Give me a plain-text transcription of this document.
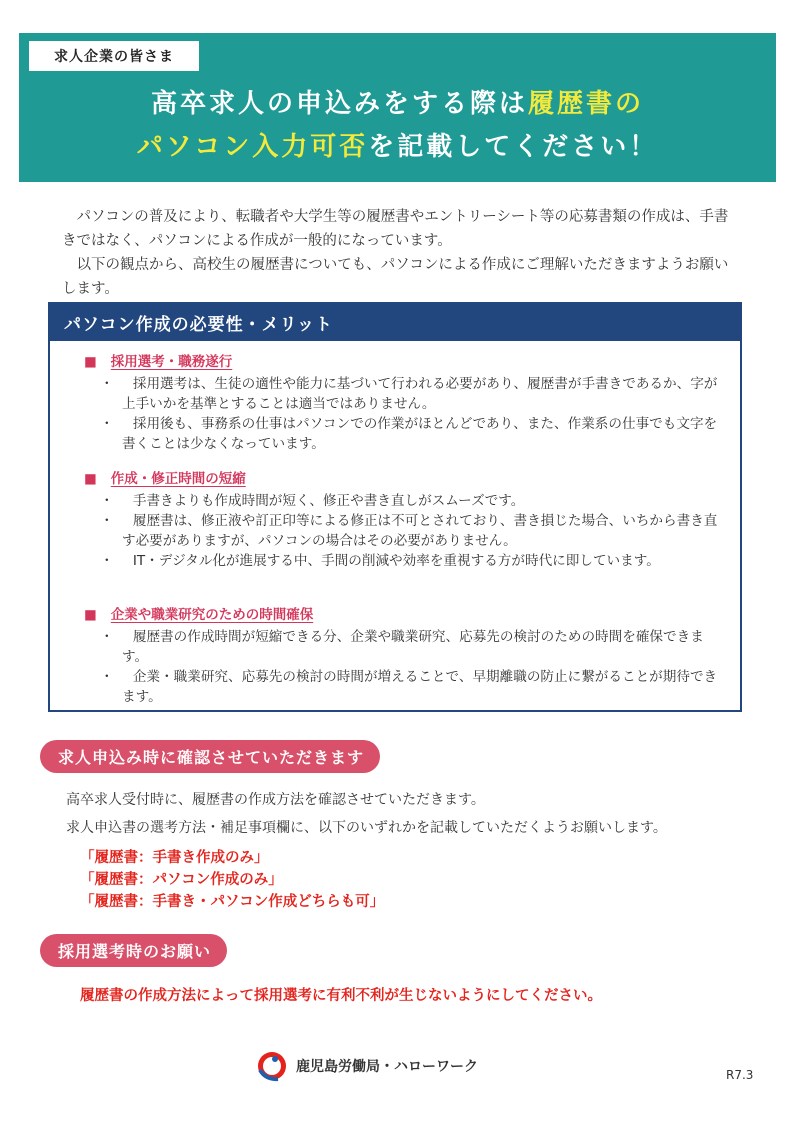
求人企業の皆さま
高卒求人の申込みをする際は履歴書の
パソコン入力可否を記載してください！

パソコンの普及により、転職者や大学生等の履歴書やエントリーシート等の応募書類の作成は、手書きではなく、パソコンによる作成が一般的になっています。

以下の観点から、高校生の履歴書についても、パソコンによる作成にご理解いただきますようお願いします。

パソコン作成の必要性・メリット
■ 採用選考・職務遂行
・	採用選考は、生徒の適性や能力に基づいて行われる必要があり、履歴書が手書きであるか、字が上手いかを基準とすることは適当ではありません。
・	採用後も、事務系の仕事はパソコンでの作業がほとんどであり、また、作業系の仕事でも文字を書くことは少なくなっています。
■ 作成・修正時間の短縮
・	手書きよりも作成時間が短く、修正や書き直しがスムーズです。
・	履歴書は、修正液や訂正印等による修正は不可とされており、書き損じた場合、いちから書き直す必要がありますが、パソコンの場合はその必要がありません。
・	IT・デジタル化が進展する中、手間の削減や効率を重視する方が時代に即しています。
■ 企業や職業研究のための時間確保
・	履歴書の作成時間が短縮できる分、企業や職業研究、応募先の検討のための時間を確保できます。
・	企業・職業研究、応募先の検討の時間が増えることで、早期離職の防止に繋がることが期待できます。
求人申込み時に確認させていただきます
高卒求人受付時に、履歴書の作成方法を確認させていただきます。
求人申込書の選考方法・補足事項欄に、以下のいずれかを記載していただくようお願いします。
「履歴書：手書き作成のみ」
「履歴書：パソコン作成のみ」
「履歴書：手書き・パソコン作成どちらも可」
採用選考時のお願い
履歴書の作成方法によって採用選考に有利不利が生じないようにしてください。
鹿児島労働局・ハローワーク	R7.3
